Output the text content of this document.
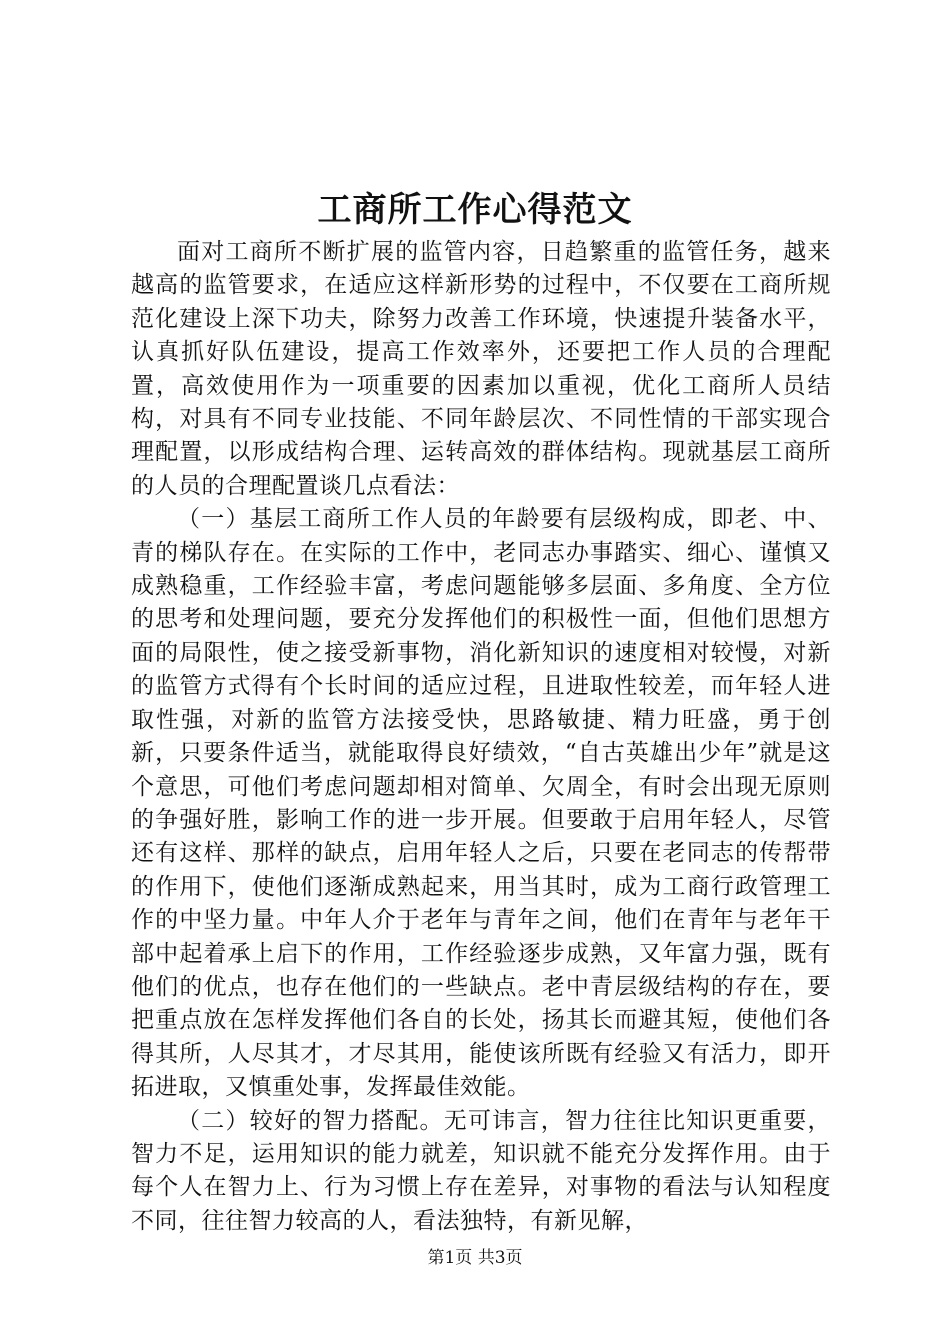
工商所工作心得范文

面对工商所不断扩展的监管内容，日趋繁重的监管任务，越来越高的监管要求，在适应这样新形势的过程中，不仅要在工商所规范化建设上深下功夫，除努力改善工作环境，快速提升装备水平，认真抓好队伍建设，提高工作效率外，还要把工作人员的合理配置，高效使用作为一项重要的因素加以重视，优化工商所人员结构，对具有不同专业技能、不同年龄层次、不同性情的干部实现合理配置，以形成结构合理、运转高效的群体结构。现就基层工商所的人员的合理配置谈几点看法：

（一）基层工商所工作人员的年龄要有层级构成，即老、中、青的梯队存在。在实际的工作中，老同志办事踏实、细心、谨慎又成熟稳重，工作经验丰富，考虑问题能够多层面、多角度、全方位的思考和处理问题，要充分发挥他们的积极性一面，但他们思想方面的局限性，使之接受新事物，消化新知识的速度相对较慢，对新的监管方式得有个长时间的适应过程，且进取性较差，而年轻人进取性强，对新的监管方法接受快，思路敏捷、精力旺盛，勇于创新，只要条件适当，就能取得良好绩效，“自古英雄出少年”就是这个意思，可他们考虑问题却相对简单、欠周全，有时会出现无原则的争强好胜，影响工作的进一步开展。但要敢于启用年轻人，尽管还有这样、那样的缺点，启用年轻人之后，只要在老同志的传帮带的作用下，使他们逐渐成熟起来，用当其时，成为工商行政管理工作的中坚力量。中年人介于老年与青年之间，他们在青年与老年干部中起着承上启下的作用，工作经验逐步成熟，又年富力强，既有他们的优点，也存在他们的一些缺点。老中青层级结构的存在，要把重点放在怎样发挥他们各自的长处，扬其长而避其短，使他们各得其所，人尽其才，才尽其用，能使该所既有经验又有活力，即开拓进取，又慎重处事，发挥最佳效能。

（二）较好的智力搭配。无可讳言，智力往往比知识更重要，智力不足，运用知识的能力就差，知识就不能充分发挥作用。由于每个人在智力上、行为习惯上存在差异，对事物的看法与认知程度不同，往往智力较高的人，看法独特，有新见解，

第1页 共3页
